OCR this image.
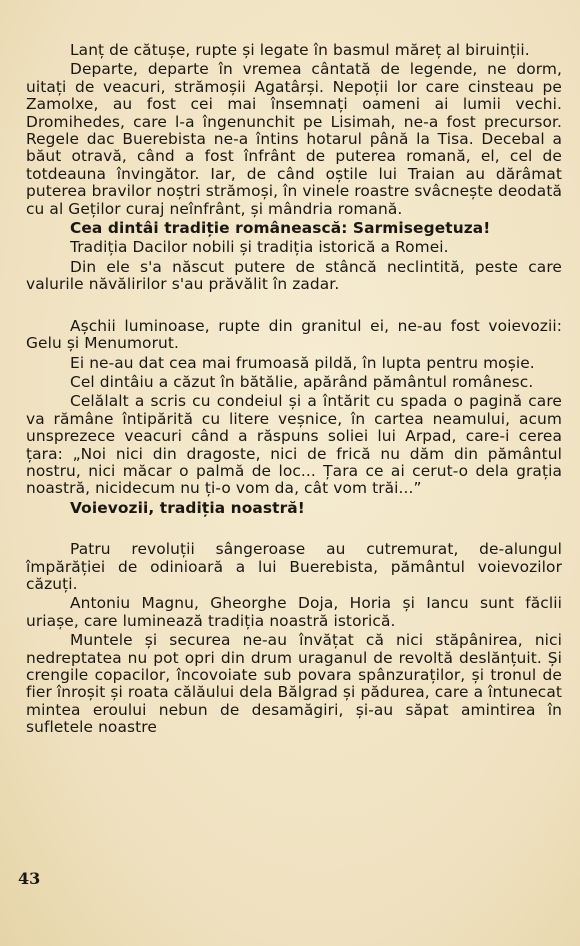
Lanț de cătușe, rupte și legate în basmul măreț al biruinții.

Departe, departe în vremea cântată de legende, ne dorm, uitați de veacuri, strămoșii Agatârși. Nepoții lor care cinsteau pe Zamolxe, au fost cei mai însemnați oameni ai lumii vechi. Dromihedes, care l-a îngenunchit pe Lisimah, ne-a fost precursor. Regele dac Buerebista ne-a întins hotarul până la Tisa. Decebal a băut otravă, când a fost înfrânt de puterea romană, el, cel de totdeauna învingător. Iar, de când oștile lui Traian au dărâmat puterea bravilor noștri strămoși, în vinele roastre svâcnește deodată cu al Geților curaj neînfrânt, și mândria romană.

Cea dintâi tradiție românească: Sarmisegetuza!

Tradiția Dacilor nobili și tradiția istorică a Romei.

Din ele s'a născut putere de stâncă neclintită, peste care valurile năvălirilor s'au prăvălit în zadar.

Așchii luminoase, rupte din granitul ei, ne-au fost voievozii: Gelu și Menumorut.

Ei ne-au dat cea mai frumoasă pildă, în lupta pentru moșie.

Cel dintâiu a căzut în bătălie, apărând pământul românesc.

Celălalt a scris cu condeiul și a întărit cu spada o pagină care va rămâne întipărită cu litere veșnice, în cartea neamului, acum unsprezece veacuri când a răspuns soliei lui Arpad, care-i cerea țara: „Noi nici din dragoste, nici de frică nu dăm din pământul nostru, nici măcar o palmă de loc... Țara ce ai cerut-o dela grația noastră, nicidecum nu ți-o vom da, cât vom trăi...”

Voievozii, tradiția noastră!

Patru revoluții sângeroase au cutremurat, de-alungul împărăției de odinioară a lui Buerebista, pământul voievozilor căzuți.

Antoniu Magnu, Gheorghe Doja, Horia și Iancu sunt făclii uriașe, care luminează tradiția noastră istorică.

Muntele și securea ne-au învățat că nici stăpânirea, nici nedreptatea nu pot opri din drum uraganul de revoltă deslănțuit. Și crengile copacilor, încovoiate sub povara spânzuraților, și tronul de fier înroșit și roata călăului dela Bălgrad și pădurea, care a întunecat mintea eroului nebun de desamăgiri, și-au săpat amintirea în sufletele noastre

43
